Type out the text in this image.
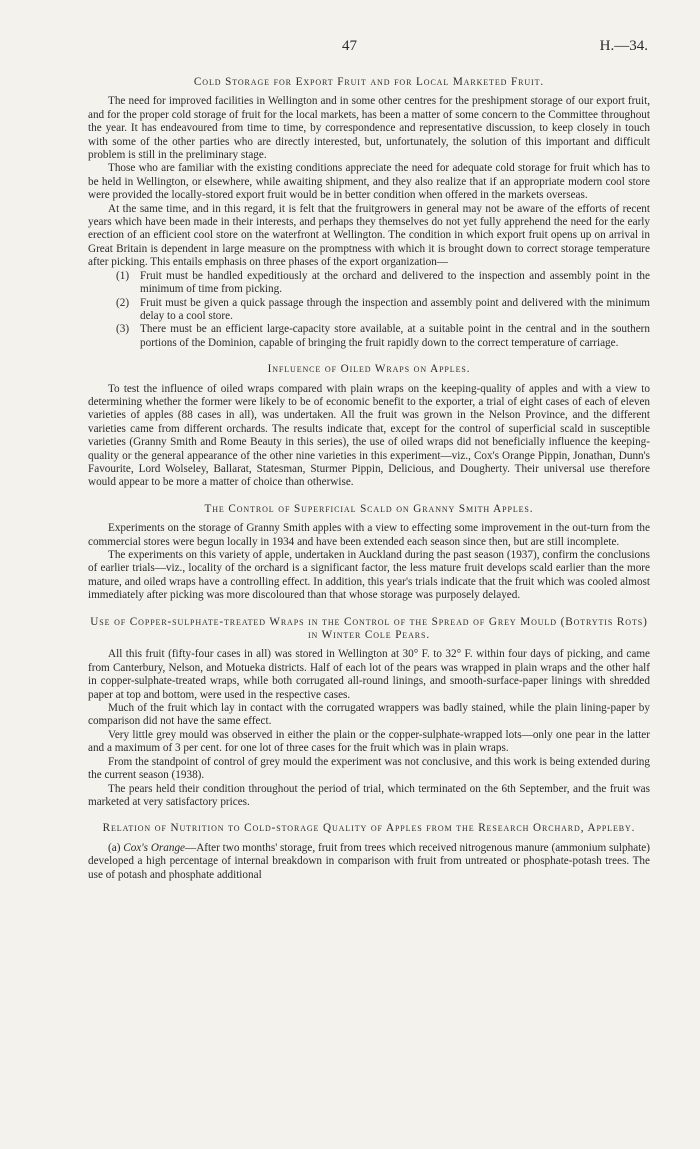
47	H.—34.
Cold Storage for Export Fruit and for Local Marketed Fruit.

The need for improved facilities in Wellington and in some other centres for the preshipment storage of our export fruit, and for the proper cold storage of fruit for the local markets, has been a matter of some concern to the Committee throughout the year. It has endeavoured from time to time, by correspondence and representative discussion, to keep closely in touch with some of the other parties who are directly interested, but, unfortunately, the solution of this important and difficult problem is still in the preliminary stage.

Those who are familiar with the existing conditions appreciate the need for adequate cold storage for fruit which has to be held in Wellington, or elsewhere, while awaiting shipment, and they also realize that if an appropriate modern cool store were provided the locally-stored export fruit would be in better condition when offered in the markets overseas.

At the same time, and in this regard, it is felt that the fruitgrowers in general may not be aware of the efforts of recent years which have been made in their interests, and perhaps they themselves do not yet fully apprehend the need for the early erection of an efficient cool store on the waterfront at Wellington. The condition in which export fruit opens up on arrival in Great Britain is dependent in large measure on the promptness with which it is brought down to correct storage temperature after picking. This entails emphasis on three phases of the export organization—

(1) Fruit must be handled expeditiously at the orchard and delivered to the inspection and assembly point in the minimum of time from picking.
(2) Fruit must be given a quick passage through the inspection and assembly point and delivered with the minimum delay to a cool store.
(3) There must be an efficient large-capacity store available, at a suitable point in the central and in the southern portions of the Dominion, capable of bringing the fruit rapidly down to the correct temperature of carriage.
Influence of Oiled Wraps on Apples.

To test the influence of oiled wraps compared with plain wraps on the keeping-quality of apples and with a view to determining whether the former were likely to be of economic benefit to the exporter, a trial of eight cases of each of eleven varieties of apples (88 cases in all), was undertaken. All the fruit was grown in the Nelson Province, and the different varieties came from different orchards. The results indicate that, except for the control of superficial scald in susceptible varieties (Granny Smith and Rome Beauty in this series), the use of oiled wraps did not beneficially influence the keeping-quality or the general appearance of the other nine varieties in this experiment—viz., Cox's Orange Pippin, Jonathan, Dunn's Favourite, Lord Wolseley, Ballarat, Statesman, Sturmer Pippin, Delicious, and Dougherty. Their universal use therefore would appear to be more a matter of choice than otherwise.

The Control of Superficial Scald on Granny Smith Apples.

Experiments on the storage of Granny Smith apples with a view to effecting some improvement in the out-turn from the commercial stores were begun locally in 1934 and have been extended each season since then, but are still incomplete.

The experiments on this variety of apple, undertaken in Auckland during the past season (1937), confirm the conclusions of earlier trials—viz., locality of the orchard is a significant factor, the less mature fruit develops scald earlier than the more mature, and oiled wraps have a controlling effect. In addition, this year's trials indicate that the fruit which was cooled almost immediately after picking was more discoloured than that whose storage was purposely delayed.

Use of Copper-sulphate-treated Wraps in the Control of the Spread of Grey Mould (Botrytis Rots) in Winter Cole Pears.

All this fruit (fifty-four cases in all) was stored in Wellington at 30° F. to 32° F. within four days of picking, and came from Canterbury, Nelson, and Motueka districts. Half of each lot of the pears was wrapped in plain wraps and the other half in copper-sulphate-treated wraps, while both corrugated all-round linings, and smooth-surface-paper linings with shredded paper at top and bottom, were used in the respective cases.

Much of the fruit which lay in contact with the corrugated wrappers was badly stained, while the plain lining-paper by comparison did not have the same effect.

Very little grey mould was observed in either the plain or the copper-sulphate-wrapped lots—only one pear in the latter and a maximum of 3 per cent. for one lot of three cases for the fruit which was in plain wraps.

From the standpoint of control of grey mould the experiment was not conclusive, and this work is being extended during the current season (1938).

The pears held their condition throughout the period of trial, which terminated on the 6th September, and the fruit was marketed at very satisfactory prices.

Relation of Nutrition to Cold-storage Quality of Apples from the Research Orchard, Appleby.

(a) Cox's Orange—After two months' storage, fruit from trees which received nitrogenous manure (ammonium sulphate) developed a high percentage of internal breakdown in comparison with fruit from untreated or phosphate-potash trees. The use of potash and phosphate additional
